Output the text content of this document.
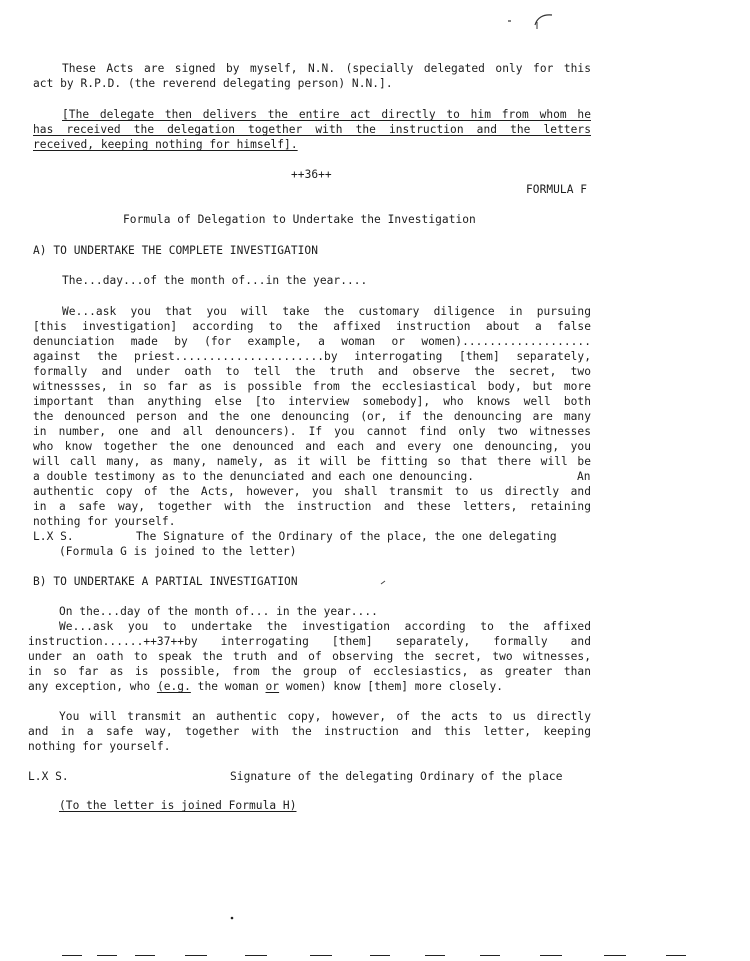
These Acts are signed by myself, N.N. (specially delegated only for this
act by R.P.D. (the reverend delegating person) N.N.].
[The delegate then delivers the entire act directly to him from whom he
has received the delegation together with the instruction and the letters
received, keeping nothing for himself].
++36++
FORMULA F
Formula of Delegation to Undertake the Investigation
A) TO UNDERTAKE THE COMPLETE INVESTIGATION
The...day...of the month of...in the year....
We...ask you that you will take the customary diligence in pursuing
[this investigation] according to the affixed instruction about a false
denunciation made by (for example, a woman or women)...................
against the priest......................by interrogating [them] separately,
formally and under oath to tell the truth and observe the secret, two
witnessses, in so far as is possible from the ecclesiastical body, but more
important than anything else [to interview somebody], who knows well both
the denounced person and the one denouncing (or, if the denouncing are many
in number, one and all denouncers). If you cannot find only two witnesses
who know together the one denounced and each and every one denouncing, you
will call many, as many, namely, as it will be fitting so that there will be
a double testimony as to the denunciated and each one denouncing.	An
authentic copy of the Acts, however, you shall transmit to us directly and
in a safe way, together with the instruction and these letters, retaining
nothing for yourself.
L.X S.	The Signature of the Ordinary of the place, the one delegating
(Formula G is joined to the letter)
B) TO UNDERTAKE A PARTIAL INVESTIGATION
On the...day of the month of... in the year....
We...ask you to undertake the investigation according to the affixed
instruction......++37++by interrogating [them] separately, formally and
under an oath to speak the truth and of observing the secret, two witnesses,
in so far as is possible, from the group of ecclesiastics, as greater than
any exception, who (e.g. the woman or women) know [them] more closely.
You will transmit an authentic copy, however, of the acts to us directly
and in a safe way, together with the instruction and this letter, keeping
nothing for yourself.
L.X S.	Signature of the delegating Ordinary of the place
(To the letter is joined Formula H)
